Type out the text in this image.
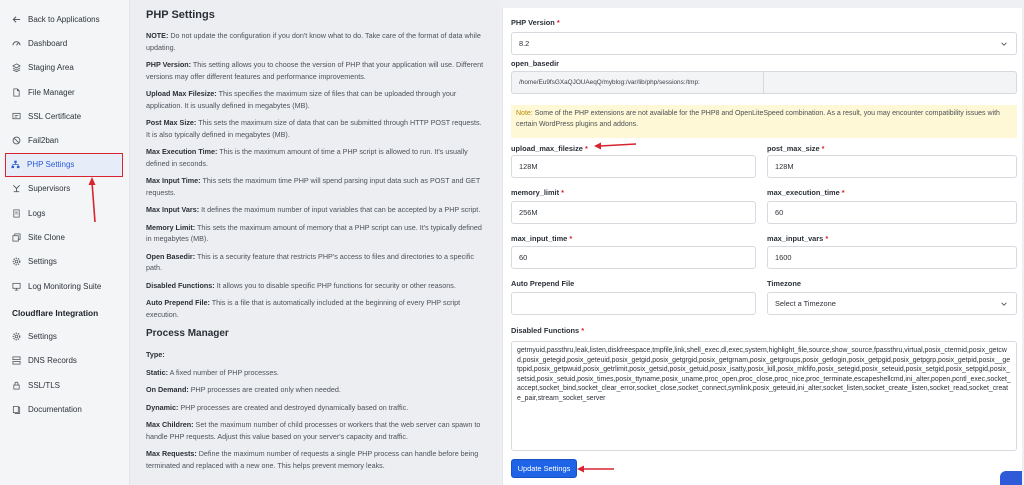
Back to Applications
Dashboard
Staging Area
File Manager
SSL Certificate
Fail2ban
PHP Settings
Supervisors
Logs
Site Clone
Settings
Log Monitoring Suite
Cloudflare Integration
Settings
DNS Records
SSL/TLS
Documentation
PHP Settings

NOTE: Do not update the configuration if you don't know what to do. Take care of the format of data while updating.

PHP Version: This setting allows you to choose the version of PHP that your application will use. Different versions may offer different features and performance improvements.

Upload Max Filesize: This specifies the maximum size of files that can be uploaded through your application. It is usually defined in megabytes (MB).

Post Max Size: This sets the maximum size of data that can be submitted through HTTP POST requests. It is also typically defined in megabytes (MB).

Max Execution Time: This is the maximum amount of time a PHP script is allowed to run. It's usually defined in seconds.

Max Input Time: This sets the maximum time PHP will spend parsing input data such as POST and GET requests.

Max Input Vars: It defines the maximum number of input variables that can be accepted by a PHP script.

Memory Limit: This sets the maximum amount of memory that a PHP script can use. It's typically defined in megabytes (MB).

Open Basedir: This is a security feature that restricts PHP's access to files and directories to a specific path.

Disabled Functions: It allows you to disable specific PHP functions for security or other reasons.

Auto Prepend File: This is a file that is automatically included at the beginning of every PHP script execution.

Process Manager

Type:

Static: A fixed number of PHP processes.

On Demand: PHP processes are created only when needed.

Dynamic: PHP processes are created and destroyed dynamically based on traffic.

Max Children: Set the maximum number of child processes or workers that the web server can spawn to handle PHP requests. Adjust this value based on your server's capacity and traffic.

Max Requests: Define the maximum number of requests a single PHP process can handle before being terminated and replaced with a new one. This helps prevent memory leaks.

PHP Version *
8.2
open_basedir
/home/Eu9fsGXaQJOUAeqQ/myblog:/var/lib/php/sessions:/tmp:
Note: Some of the PHP extensions are not available for the PHP8 and OpenLiteSpeed combination. As a result, you may encounter compatibility issues with certain WordPress plugins and addons.
upload_max_filesize *
128M
post_max_size *
128M
memory_limit *
256M
max_execution_time *
60
max_input_time *
60
max_input_vars *
1600
Auto Prepend File	Timezone
Select a Timezone
Disabled Functions *
getmyuid,passthru,leak,listen,diskfreespace,tmpfile,link,shell_exec,dl,exec,system,highlight_file,source,show_source,fpassthru,virtual,posix_ctermid,posix_getcwd,posix_getegid,posix_geteuid,posix_getgid,posix_getgrgid,posix_getgrnam,posix_getgroups,posix_getlogin,posix_getpgid,posix_getpgrp,posix_getpid,posix__getppid,posix_getpwuid,posix_getrlimit,posix_getsid,posix_getuid,posix_isatty,posix_kill,posix_mkfifo,posix_setegid,posix_seteuid,posix_setgid,posix_setpgid,posix_setsid,posix_setuid,posix_times,posix_ttyname,posix_uname,proc_open,proc_close,proc_nice,proc_terminate,escapeshellcmd,ini_alter,popen,pcntl_exec,socket_accept,socket_bind,socket_clear_error,socket_close,socket_connect,symlink,posix_geteuid,ini_alter,socket_listen,socket_create_listen,socket_read,socket_create_pair,stream_socket_server
Update Settings
